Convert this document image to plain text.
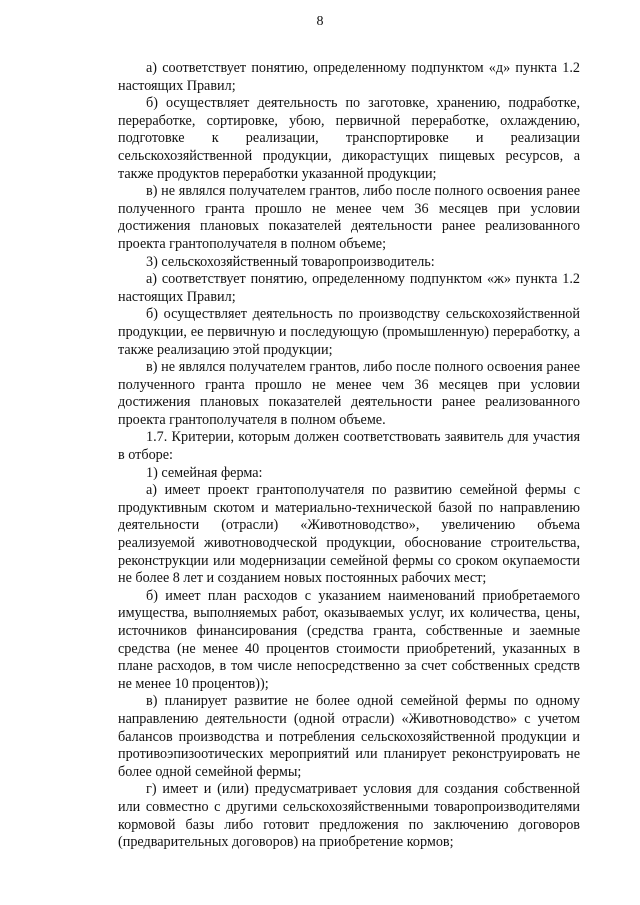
8

а) соответствует понятию, определенному подпунктом «д» пункта 1.2 настоящих Правил;

б) осуществляет деятельность по заготовке, хранению, подработке, переработке, сортировке, убою, первичной переработке, охлаждению, подготовке к реализации, транспортировке и реализации сельскохозяйственной продукции, дикорастущих пищевых ресурсов, а также продуктов переработки указанной продукции;

в) не являлся получателем грантов, либо после полного освоения ранее полученного гранта прошло не менее чем 36 месяцев при условии достижения плановых показателей деятельности ранее реализованного проекта грантополучателя в полном объеме;

3) сельскохозяйственный товаропроизводитель:

а) соответствует понятию, определенному подпунктом «ж» пункта 1.2 настоящих Правил;

б) осуществляет деятельность по производству сельскохозяйственной продукции, ее первичную и последующую (промышленную) переработку, а также реализацию этой продукции;

в) не являлся получателем грантов, либо после полного освоения ранее полученного гранта прошло не менее чем 36 месяцев при условии достижения плановых показателей деятельности ранее реализованного проекта грантополучателя в полном объеме.

1.7. Критерии, которым должен соответствовать заявитель для участия в отборе:

1) семейная ферма:

а) имеет проект грантополучателя по развитию семейной фермы с продуктивным скотом и материально-технической базой по направлению деятельности (отрасли) «Животноводство», увеличению объема реализуемой животноводческой продукции, обоснование строительства, реконструкции или модернизации семейной фермы со сроком окупаемости не более 8 лет и созданием новых постоянных рабочих мест;

б) имеет план расходов с указанием наименований приобретаемого имущества, выполняемых работ, оказываемых услуг, их количества, цены, источников финансирования (средства гранта, собственные и заемные средства (не менее 40 процентов стоимости приобретений, указанных в плане расходов, в том числе непосредственно за счет собственных средств не менее 10 процентов));

в) планирует развитие не более одной семейной фермы по одному направлению деятельности (одной отрасли) «Животноводство» с учетом балансов производства и потребления сельскохозяйственной продукции и противоэпизоотических мероприятий или планирует реконструировать не более одной семейной фермы;

г) имеет и (или) предусматривает условия для создания собственной или совместно с другими сельскохозяйственными товаропроизводителями кормовой базы либо готовит предложения по заключению договоров (предварительных договоров) на приобретение кормов;
